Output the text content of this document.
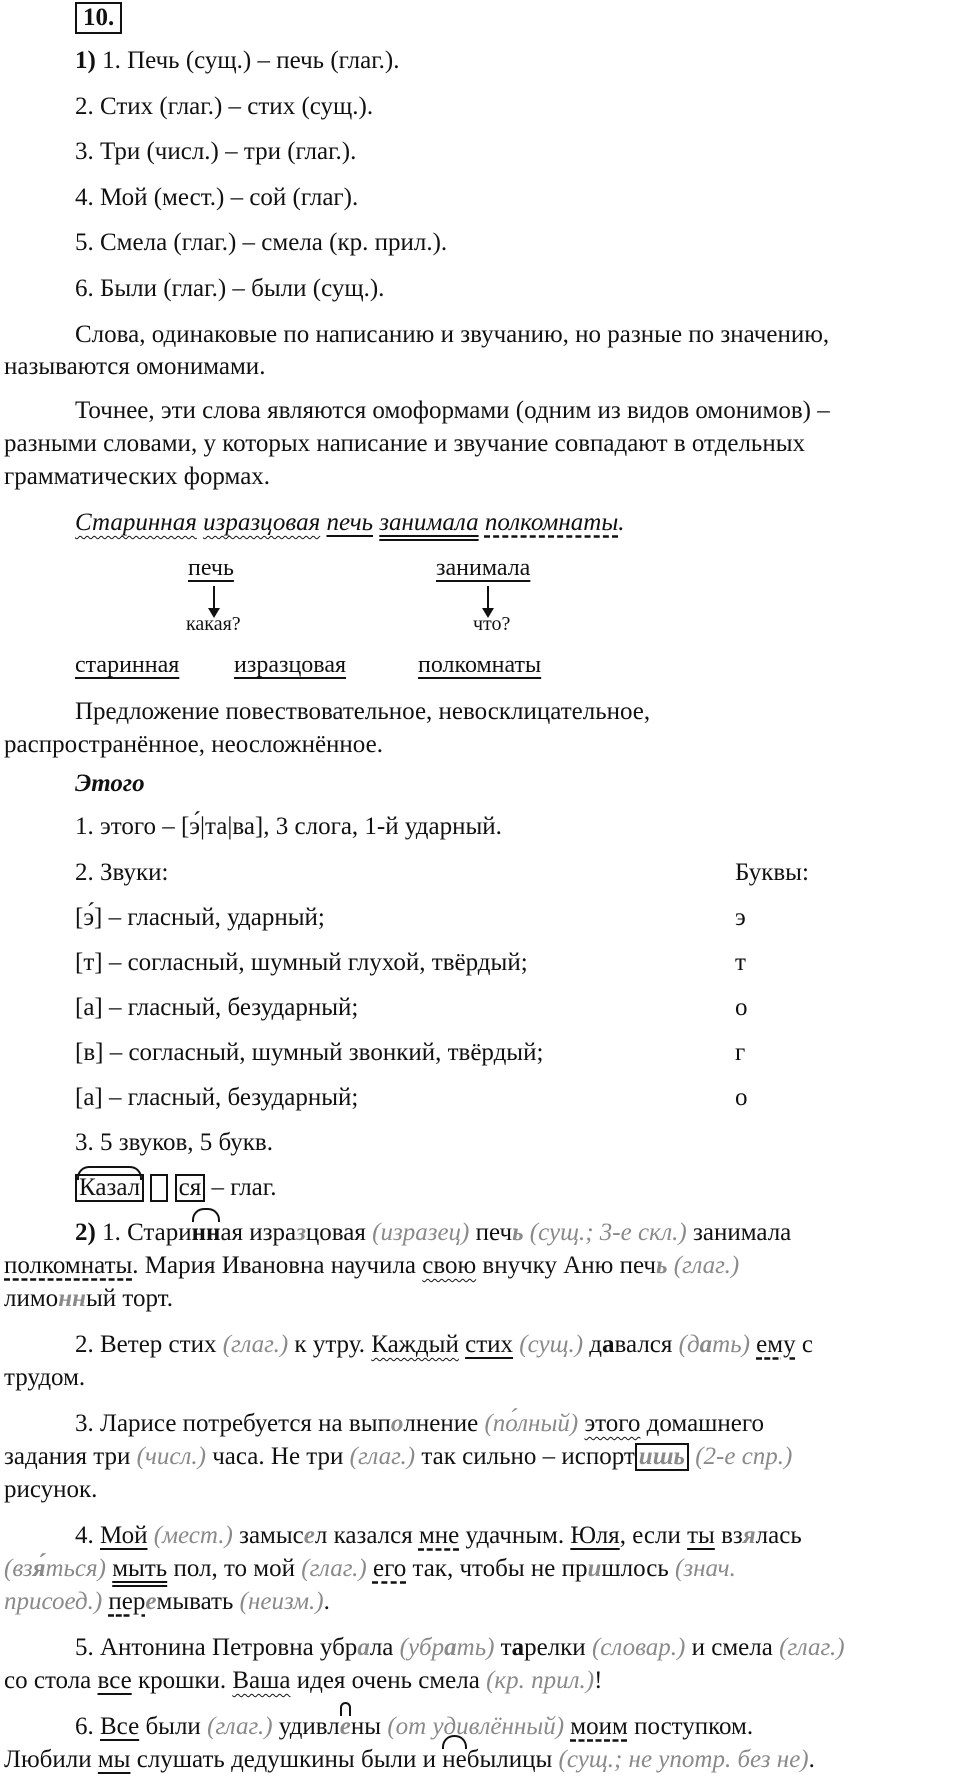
10.
1) 1. Печь (сущ.) – печь (глаг.).
2. Стих (глаг.) – стих (сущ.).
3. Три (числ.) – три (глаг.).
4. Мой (мест.) – сой (глаг).
5. Смела (глаг.) – смела (кр. прил.).
6. Были (глаг.) – были (сущ.).
Слова, одинаковые по написанию и звучанию, но разные по значению,
называются омонимами.
Точнее, эти слова являются омоформами (одним из видов омонимов) –
разными словами, у которых написание и звучание совпадают в отдельных
грамматических формах.
Старинная изразцовая печь занимала полкомнаты.
печь
какая?
занимала
что?
старинная изразцовая	полкомнаты
Предложение повествовательное, невосклицательное,
распространённое, неосложнённое.
Этого
1. этого – [э́|та|ва], 3 слога, 1-й ударный.
2. Звуки:	Буквы:
[э́] – гласный, ударный;	э
[т] – согласный, шумный глухой, твёрдый;	т
[а] – гласный, безударный;	о
[в] – согласный, шумный звонкий, твёрдый;	г
[а] – гласный, безударный;	о
3. 5 звуков, 5 букв.
Казал ся – глаг.
2) 1. Старинная изразцовая (изразец) печь (сущ.; 3-е скл.) занимала
полкомнаты. Мария Ивановна научила свою внучку Аню печь (глаг.)
лимонный торт.
2. Ветер стих (глаг.) к утру. Каждый стих (сущ.) давался (дать) ему с
трудом.
3. Ларисе потребуется на выполнение (по́лный) этого домашнего
задания три (числ.) часа. Не три (глаг.) так сильно – испорт ишь (2-е спр.)
рисунок.
4. Мой (мест.) замысел казался мне удачным. Юля, если ты взялась
(взя́ться) мыть пол, то мой (глаг.) его так, чтобы не пришлось (знач.
присоед.) перемывать (неизм.).
5. Антонина Петровна убрала (убрать) тарелки (словар.) и смела (глаг.)
со стола все крошки. Ваша идея очень смела (кр. прил.)!
6. Все были (глаг.) удивлены (от удивлённый) моим поступком.
Любили мы слушать дедушкины были и небылицы (сущ.; не употр. без не).
